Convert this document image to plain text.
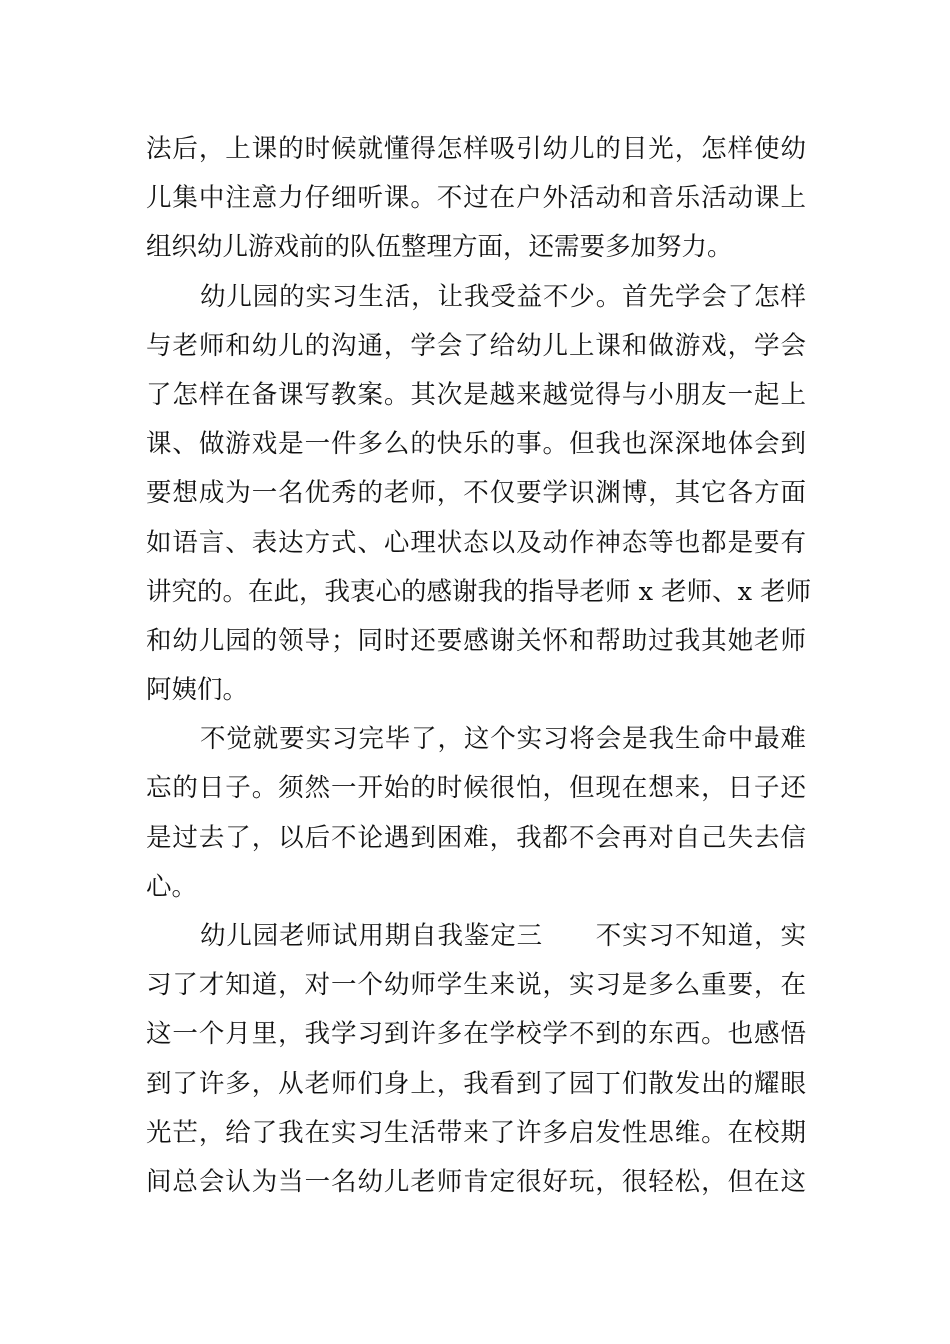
法后，上课的时候就懂得怎样吸引幼儿的目光，怎样使幼
儿集中注意力仔细听课。不过在户外活动和音乐活动课上
组织幼儿游戏前的队伍整理方面，还需要多加努力。
幼儿园的实习生活，让我受益不少。首先学会了怎样
与老师和幼儿的沟通，学会了给幼儿上课和做游戏，学会
了怎样在备课写教案。其次是越来越觉得与小朋友一起上
课、做游戏是一件多么的快乐的事。但我也深深地体会到
要想成为一名优秀的老师，不仅要学识渊博，其它各方面
如语言、表达方式、心理状态以及动作神态等也都是要有
讲究的。在此，我衷心的感谢我的指导老师 x 老师、x 老师
和幼儿园的领导；同时还要感谢关怀和帮助过我其她老师
阿姨们。
不觉就要实习完毕了，这个实习将会是我生命中最难
忘的日子。须然一开始的时候很怕，但现在想来，日子还
是过去了，以后不论遇到困难，我都不会再对自己失去信
心。
幼儿园老师试用期自我鉴定三　　不实习不知道，实
习了才知道，对一个幼师学生来说，实习是多么重要，在
这一个月里，我学习到许多在学校学不到的东西。也感悟
到了许多，从老师们身上，我看到了园丁们散发出的耀眼
光芒，给了我在实习生活带来了许多启发性思维。在校期
间总会认为当一名幼儿老师肯定很好玩，很轻松，但在这
